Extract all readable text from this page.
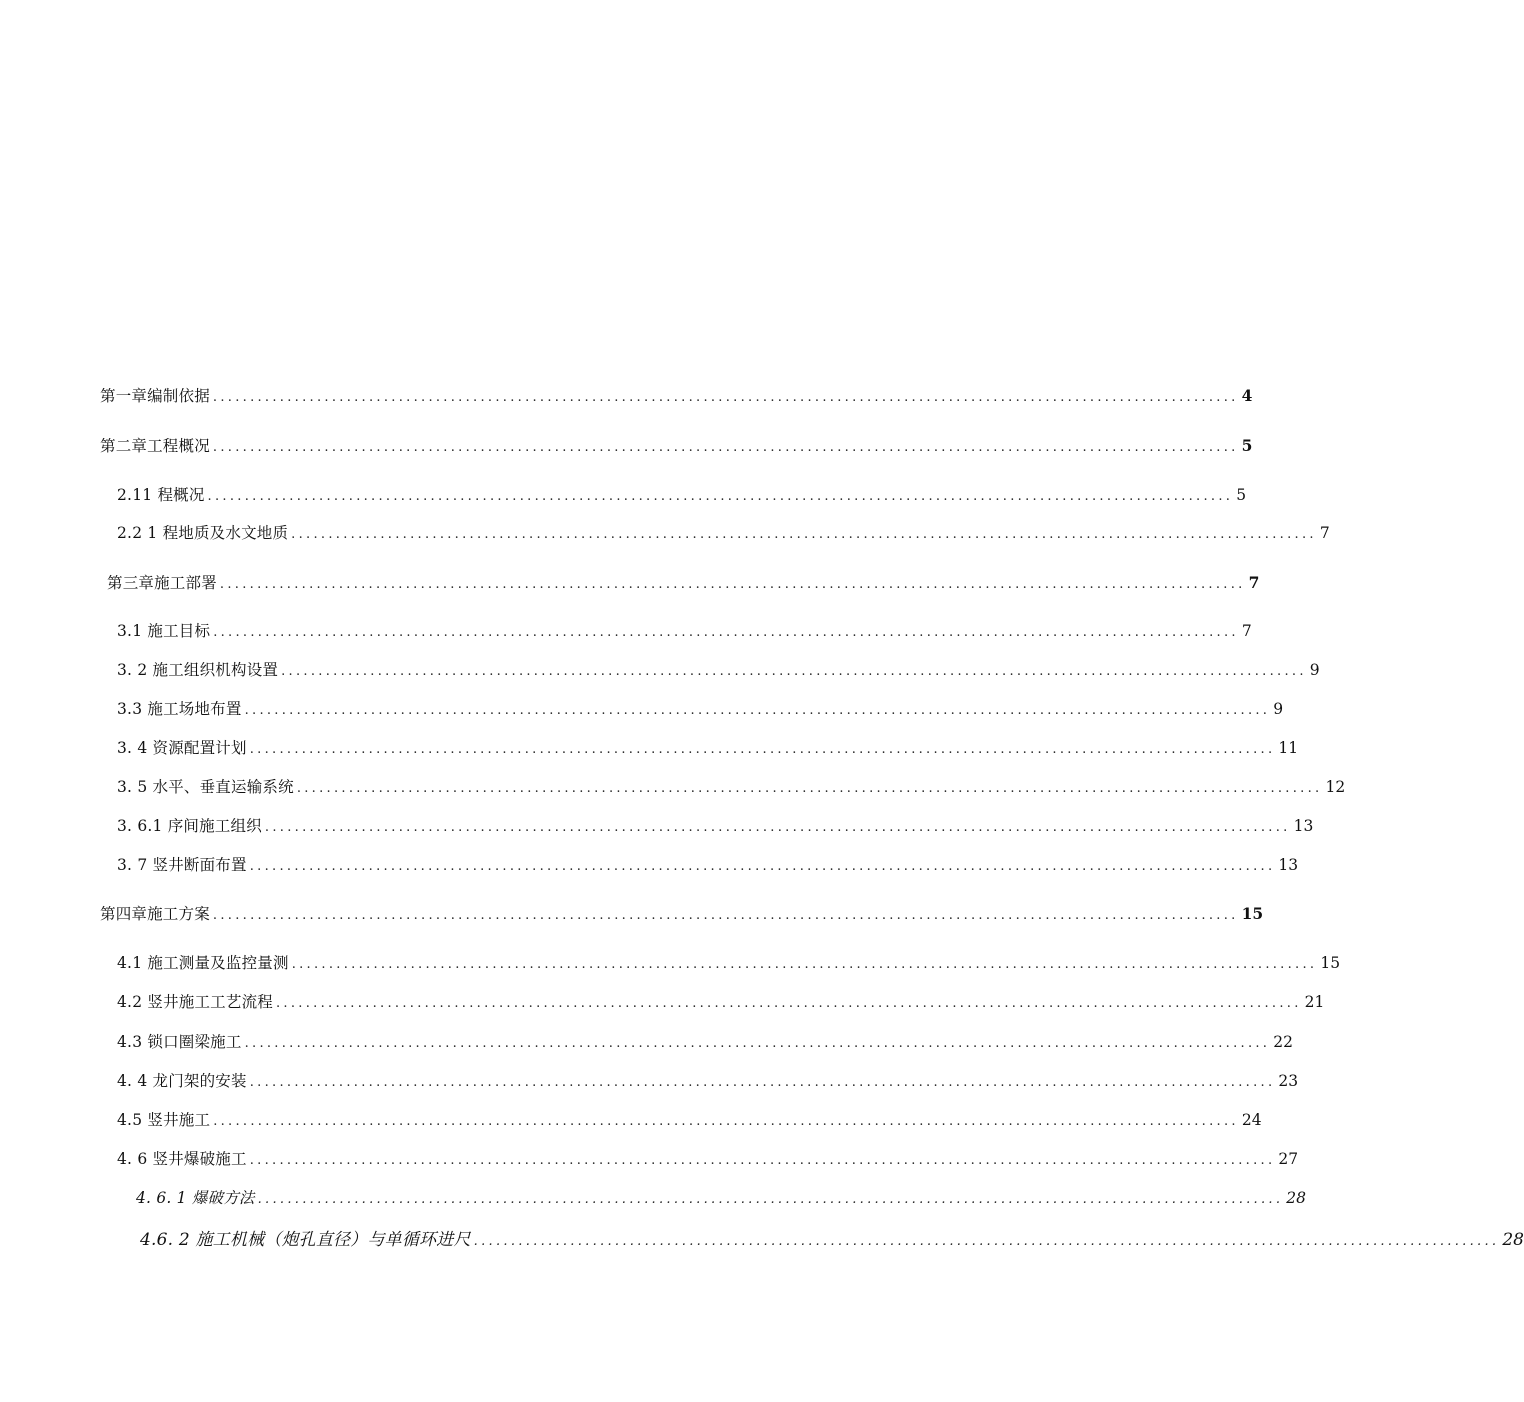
第一章编制依据 .......................................................................................................................................... 4
第二章工程概况 .......................................................................................................................................... 5
2.11 程概况 .......................................................................................................................................... 5
2.2 1 程地质及水文地质 .......................................................................................................................................... 7
第三章施工部署 .......................................................................................................................................... 7
3.1 施工目标 .......................................................................................................................................... 7
3. 2 施工组织机构设置 .......................................................................................................................................... 9
3.3 施工场地布置 .......................................................................................................................................... 9
3. 4 资源配置计划 .......................................................................................................................................... 11
3. 5 水平、垂直运输系统 .......................................................................................................................................... 12
3. 6.1 序间施工组织 .......................................................................................................................................... 13
3. 7 竖井断面布置 .......................................................................................................................................... 13
第四章施工方案 .......................................................................................................................................... 15
4.1 施工测量及监控量测 .......................................................................................................................................... 15
4.2 竖井施工工艺流程 .......................................................................................................................................... 21
4.3 锁口圈梁施工 .......................................................................................................................................... 22
4. 4 龙门架的安装 .......................................................................................................................................... 23
4.5 竖井施工 .......................................................................................................................................... 24
4. 6 竖井爆破施工 .......................................................................................................................................... 27
4. 6. 1 爆破方法 .......................................................................................................................................... 28
4.6. 2 施工机械（炮孔直径）与单循环进尺 .......................................................................................................................................... 28
